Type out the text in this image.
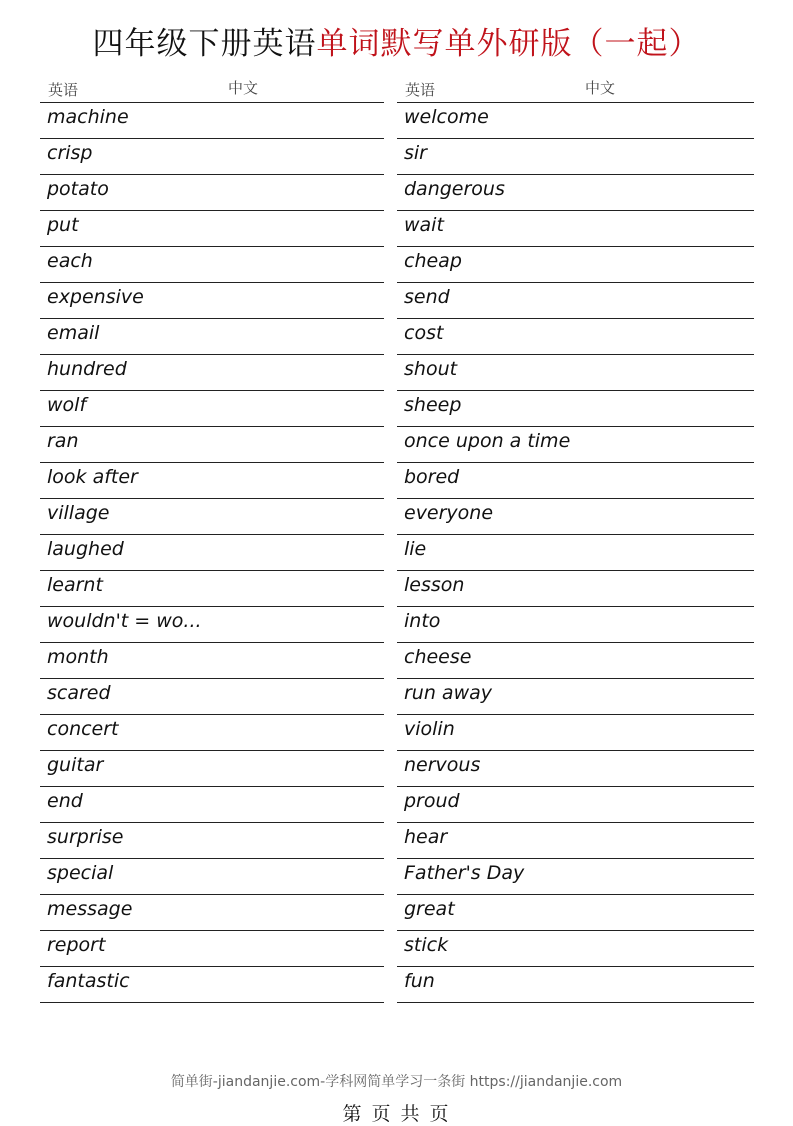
四年级下册英语单词默写单外研版（一起）
英语	中文
machine
crisp
potato
put
each
expensive
email
hundred
wolf
ran
look after
village
laughed
learnt
wouldn't = wo...
month
scared
concert
guitar
end
surprise
special
message
report
fantastic
英语	中文
welcome
sir
dangerous
wait
cheap
send
cost
shout
sheep
once upon a time
bored
everyone
lie
lesson
into
cheese
run away
violin
nervous
proud
hear
Father's Day
great
stick
fun
简单街-jiandanjie.com-学科网简单学习一条街 https://jiandanjie.com
第 页 共 页
